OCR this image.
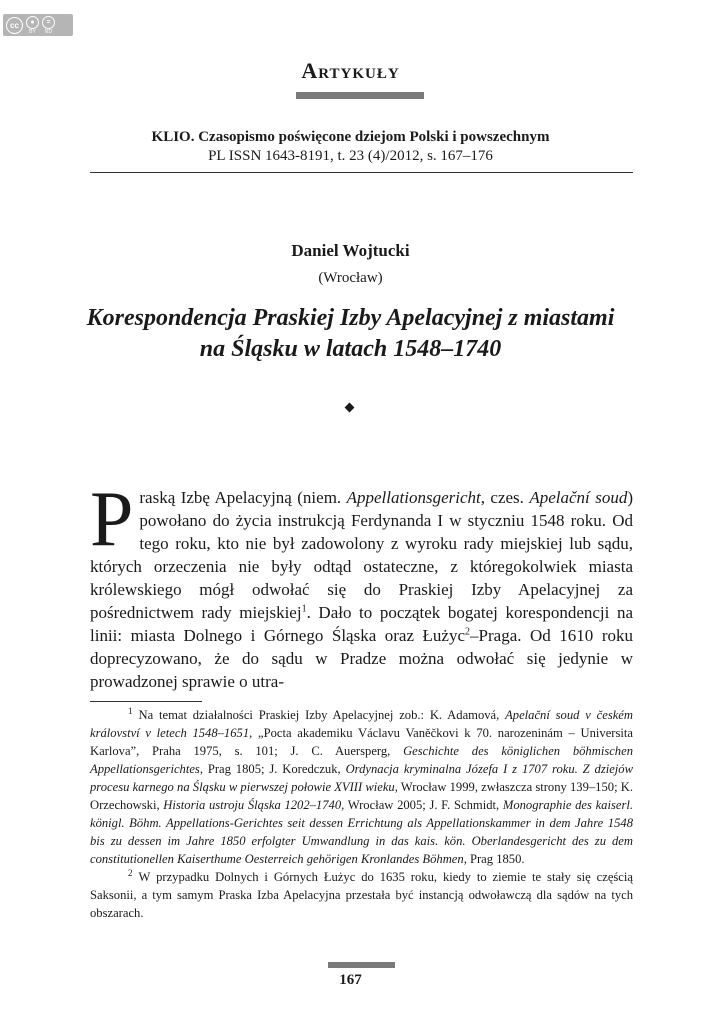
cc	●
BY
=
ND
Artykuły
KLIO. Czasopismo poświęcone dziejom Polski i powszechnym
PL ISSN 1643-8191, t. 23 (4)/2012, s. 167–176
Daniel Wojtucki
(Wrocław)
Korespondencja Praskiej Izby Apelacyjnej z miastami
na Śląsku w latach 1548–1740

Praską Izbę Apelacyjną (niem. Appellationsgericht, czes. Apelační soud) powołano do życia instrukcją Ferdynanda I w styczniu 1548 roku. Od tego roku, kto nie był zadowolony z wyroku rady miejskiej lub sądu, których orzeczenia nie były odtąd ostateczne, z któregokolwiek miasta królewskiego mógł odwołać się do Praskiej Izby Apelacyjnej za pośrednictwem rady miejskiej$^1$. Dało to początek bogatej korespondencji na linii: miasta Dolnego i Górnego Śląska oraz Łużyc$^2$–Praga. Od 1610 roku doprecyzowano, że do sądu w Pradze można odwołać się jedynie w prowadzonej sprawie o utra-

$^1$ Na temat działalności Praskiej Izby Apelacyjnej zob.: K. Adamová, Apelační soud v českém království v letech 1548–1651, „Pocta akademiku Václavu Vaněčkovi k 70. narozeninám – Universita Karlova”, Praha 1975, s. 101; J. C. Auersperg, Geschichte des königlichen böhmischen Appellationsgerichtes, Prag 1805; J. Koredczuk, Ordynacja kryminalna Józefa I z 1707 roku. Z dziejów procesu karnego na Śląsku w pierwszej połowie XVIII wieku, Wrocław 1999, zwłaszcza strony 139–150; K. Orzechowski, Historia ustroju Śląska 1202–1740, Wrocław 2005; J. F. Schmidt, Monographie des kaiserl. königl. Böhm. Appellations-Gerichtes seit dessen Errichtung als Appellationskammer in dem Jahre 1548 bis zu dessen im Jahre 1850 erfolgter Umwandlung in das kais. kön. Oberlandesgericht des zu dem constitutionellen Kaiserthume Oesterreich gehörigen Kronlandes Böhmen, Prag 1850.

$^2$ W przypadku Dolnych i Górnych Łużyc do 1635 roku, kiedy to ziemie te stały się częścią Saksonii, a tym samym Praska Izba Apelacyjna przestała być instancją odwoławczą dla sądów na tych obszarach.

167
